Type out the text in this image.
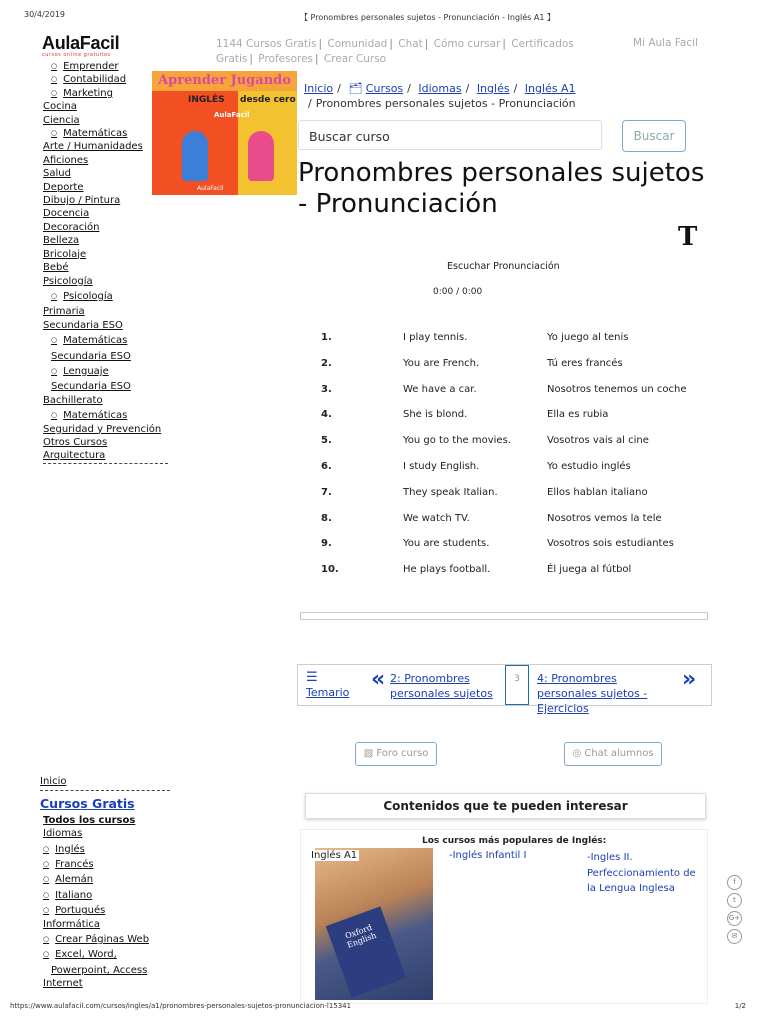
30/4/2019	【 Pronombres personales sujetos - Pronunciación - Inglés A1 】
AulaFacil
cursos online gratuitos
1144 Cursos Gratis | Comunidad | Chat | Cómo cursar | Certificados Gratis | Profesores | Crear Curso
Mi Aula Facil
○ Emprender
○ Contabilidad
○ Marketing
Cocina
Ciencia
○ Matemáticas
Arte / Humanidades
Aficiones
Salud
Deporte
Dibujo / Pintura
Docencia
Decoración
Belleza
Bricolaje
Bebé
Psicología
○ Psicología
Primaria
Secundaria ESO
○ Matemáticas
Secundaria ESO
○ Lenguaje
Secundaria ESO
Bachillerato
○ Matemáticas
Seguridad y Prevención
Otros Cursos
Arquitectura
Aprender Jugando
INGLÉS desde cero
AulaFacil
AulaFacil
Inicio / 🗂 Cursos / Idiomas / Inglés / Inglés A1
/ Pronombres personales sujetos - Pronunciación
Buscar curso	Buscar
Pronombres personales sujetos - Pronunciación
T
Escuchar Pronunciación
0:00 / 0:00
1.	I play tennis.	Yo juego al tenis
2.	You are French.	Tú eres francés
3.	We have a car.	Nosotros tenemos un coche
4.	She is blond.	Ella es rubia
5.	You go to the movies.	Vosotros vais al cine
6.	I study English.	Yo estudio inglés
7.	They speak Italian.	Ellos hablan italiano
8.	We watch TV.	Nosotros vemos la tele
9.	You are students.	Vosotros sois estudiantes
10.	He plays football.	Él juega al fútbol
☰
Temario
« 2: Pronombres personales sujetos
3	4: Pronombres personales sujetos - Ejercicios
»
▧ Foro curso	◎ Chat alumnos
Inicio
Cursos Gratis
Todos los cursos
Idiomas
○ Inglés
○ Francés
○ Alemán
○ Italiano
○ Portugués
Informática
○ Crear Páginas Web
○ Excel, Word,
Powerpoint, Access
Internet
Contenidos que te pueden interesar
Los cursos más populares de Inglés:
Oxford English
Inglés A1	-Inglés Infantil I	-Ingles II. Perfeccionamiento de la Lengua Inglesa
f
t
G+
✉
https://www.aulafacil.com/cursos/ingles/a1/pronombres-personales-sujetos-pronunciacion-l15341	1/2
